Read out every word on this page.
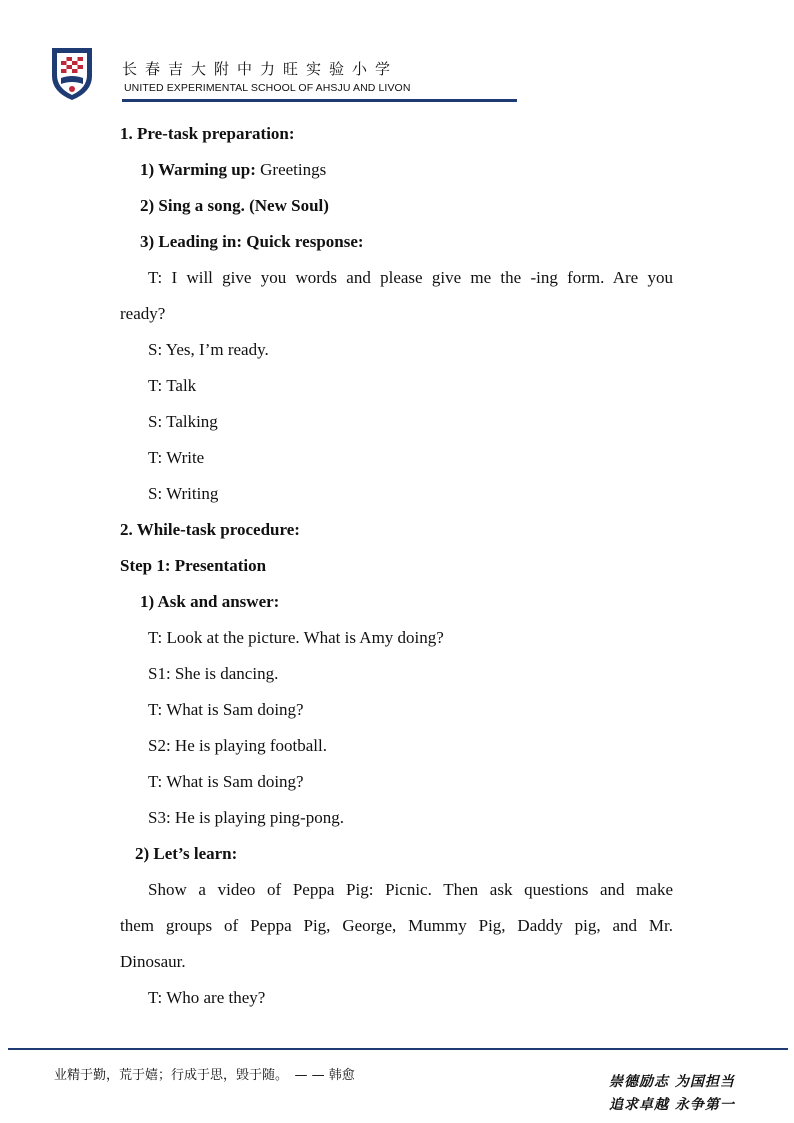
长春吉大附中力旺实验小学
UNITED EXPERIMENTAL SCHOOL OF AHSJU AND LIVON
1. Pre-task preparation:
1) Warming up: Greetings
2) Sing a song. (New Soul)
3) Leading in: Quick response:
T: I will give you words and please give me the -ing form. Are you
ready?
S: Yes, I’m ready.
T: Talk
S: Talking
T: Write
S: Writing
2. While-task procedure:
Step 1: Presentation
1) Ask and answer:
T: Look at the picture. What is Amy doing?
S1: She is dancing.
T: What is Sam doing?
S2: He is playing football.
T: What is Sam doing?
S3: He is playing ping-pong.
2) Let’s learn:
Show a video of Peppa Pig: Picnic. Then ask questions and make
them groups of Peppa Pig, George, Mummy Pig, Daddy pig, and Mr.
Dinosaur.
T: Who are they?
业精于勤，荒于嬉；行成于思，毁于随。　— — 韩愈	崇德励志 为国担当
追求卓越 永争第一
